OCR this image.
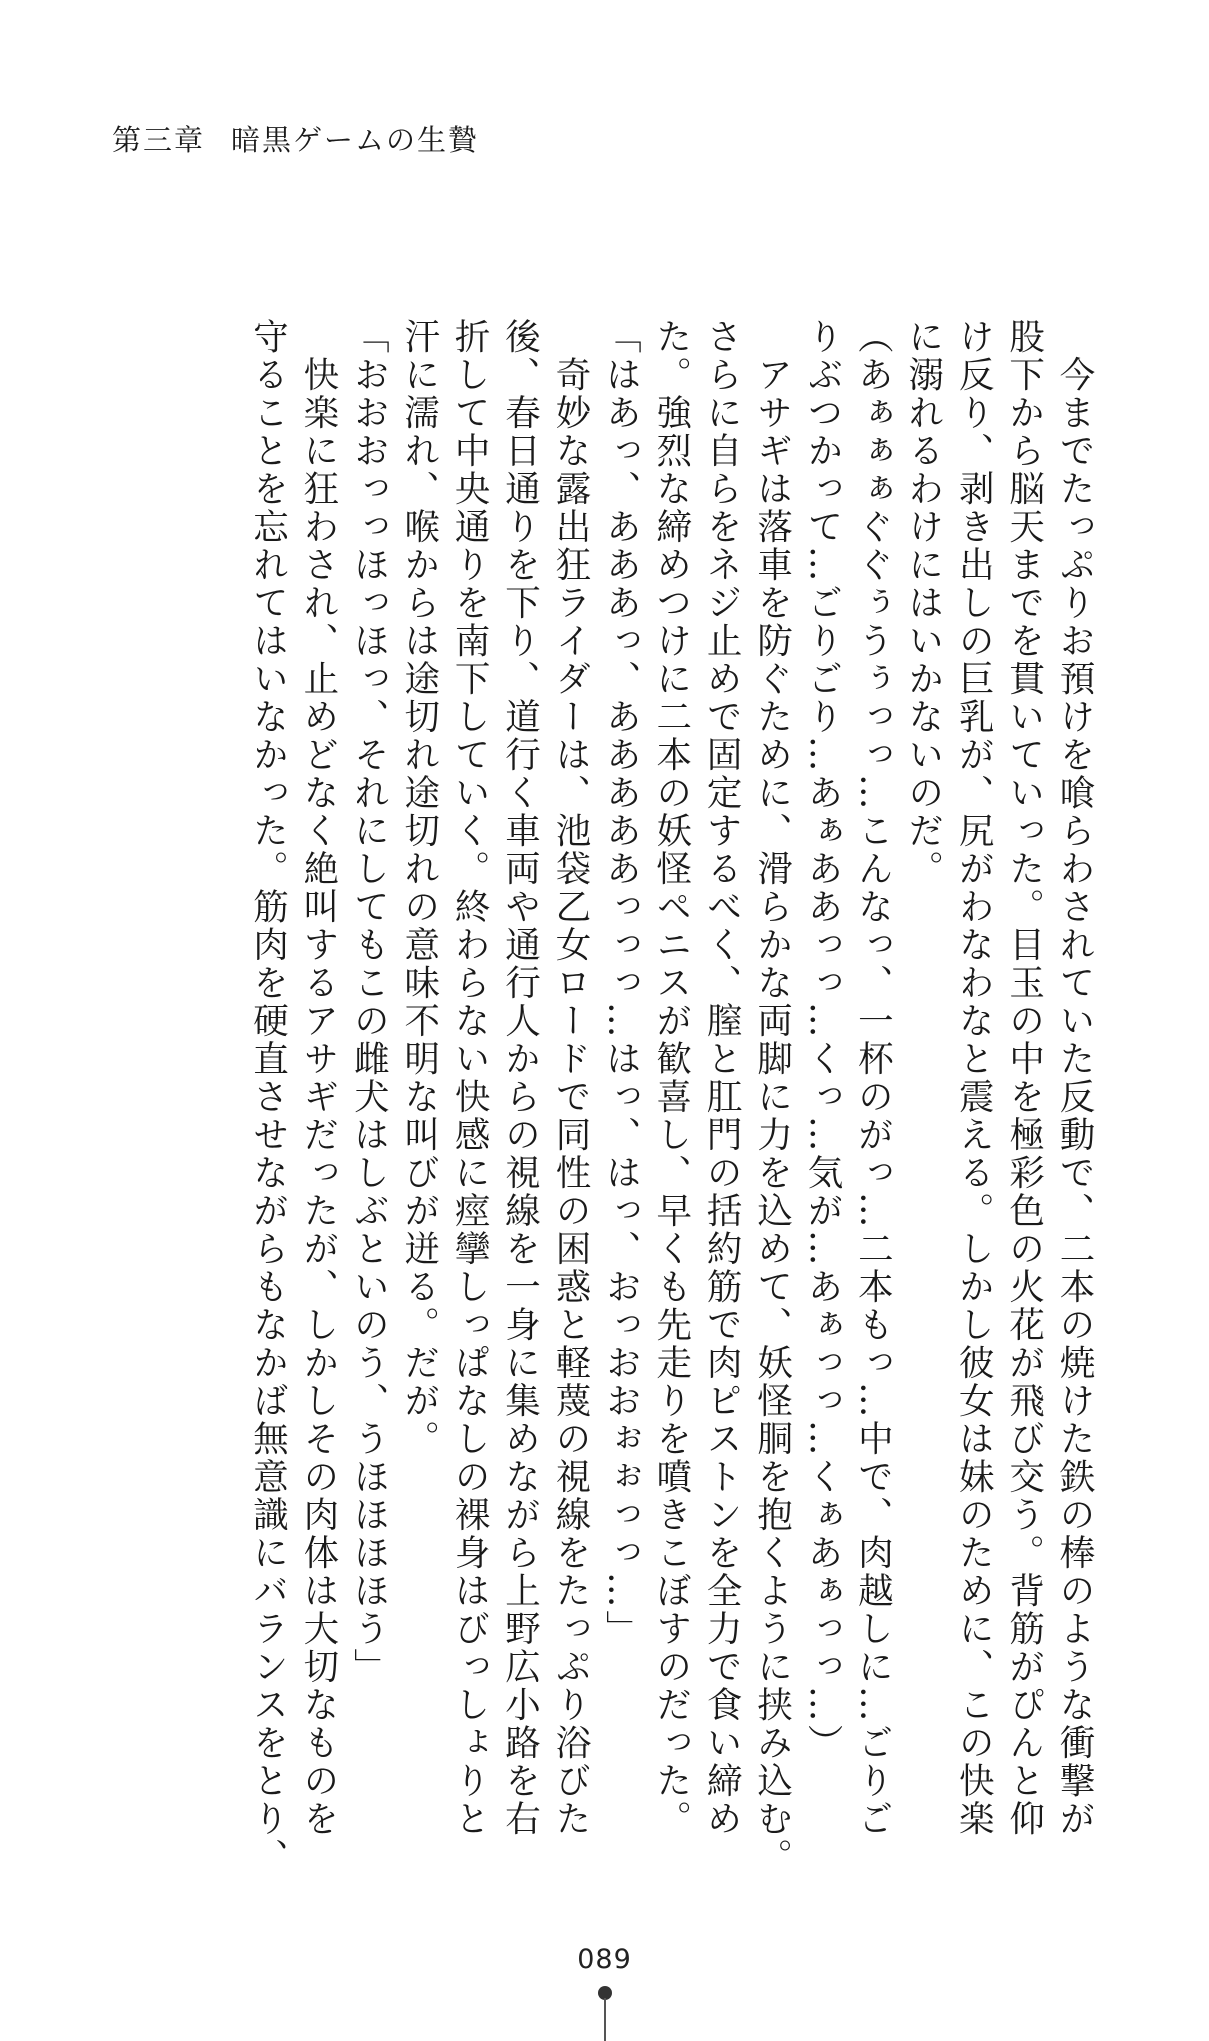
第三章 暗黒ゲームの生贄

　今までたっぷりお預けを喰らわされていた反動で、二本の焼けた鉄の棒のような衝撃が

股下から脳天までを貫いていった。目玉の中を極彩色の火花が飛び交う。背筋がぴんと仰

け反り、剥き出しの巨乳が、尻がわなわなと震える。しかし彼女は妹のために、この快楽

に溺れるわけにはいかないのだ。

（あぁぁぁぐぐぅうぅっっ…こんなっ、一杯のがっ…二本もっ…中で、肉越しに…ごりご

りぶつかって…ごりごり…あぁああっっ…くっ…気が…あぁっっ…くぁあぁっっ…）

　アサギは落車を防ぐために、滑らかな両脚に力を込めて、妖怪胴を抱くように挟み込む。

さらに自らをネジ止めで固定するべく、膣と肛門の括約筋で肉ピストンを全力で食い締め

た。強烈な締めつけに二本の妖怪ペニスが歓喜し、早くも先走りを噴きこぼすのだった。

「はあっ、あああっ、あああああっっっ…はっ、はっ、おっおおぉぉっっ…」

　奇妙な露出狂ライダーは、池袋乙女ロードで同性の困惑と軽蔑の視線をたっぷり浴びた

後、春日通りを下り、道行く車両や通行人からの視線を一身に集めながら上野広小路を右

折して中央通りを南下していく。終わらない快感に痙攣しっぱなしの裸身はびっしょりと

汗に濡れ、喉からは途切れ途切れの意味不明な叫びが迸る。だが。

「おおおっっほっほっ、それにしてもこの雌犬はしぶといのう、うほほほほう」

　快楽に狂わされ、止めどなく絶叫するアサギだったが、しかしその肉体は大切なものを

守ることを忘れてはいなかった。筋肉を硬直させながらもなかば無意識にバランスをとり、

089
